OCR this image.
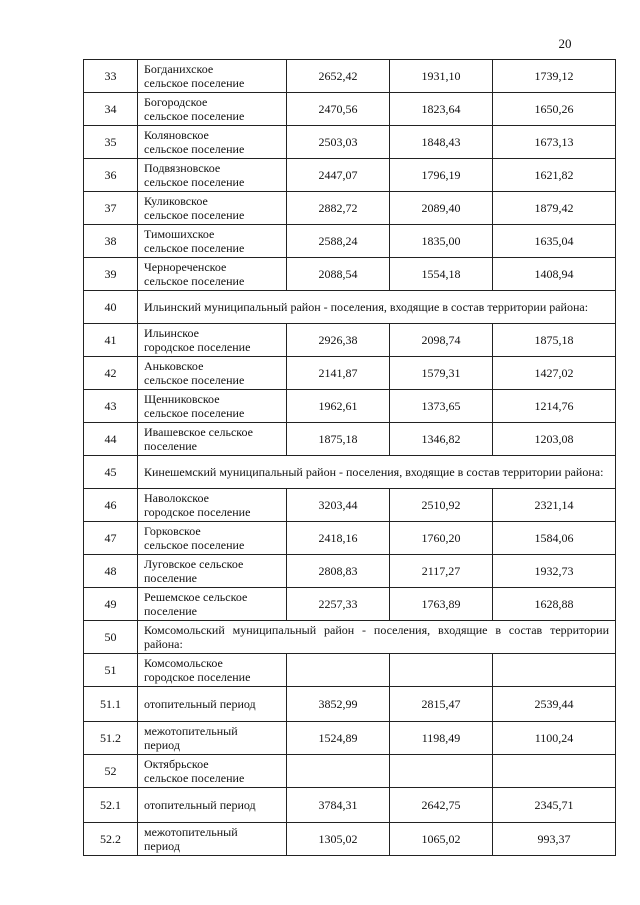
20
33	Богданихское
сельское поселение	2652,42	1931,10	1739,12
34	Богородское
сельское поселение	2470,56	1823,64	1650,26
35	Коляновское
сельское поселение	2503,03	1848,43	1673,13
36	Подвязновское
сельское поселение	2447,07	1796,19	1621,82
37	Куликовское
сельское поселение	2882,72	2089,40	1879,42
38	Тимошихское
сельское поселение	2588,24	1835,00	1635,04
39	Чернореченское
сельское поселение	2088,54	1554,18	1408,94
40	Ильинский муниципальный район - поселения, входящие в состав территории района:			
41	Ильинское
городское поселение	2926,38	2098,74	1875,18
42	Аньковское
сельское поселение	2141,87	1579,31	1427,02
43	Щенниковское
сельское поселение	1962,61	1373,65	1214,76
44	Ивашевское сельское
поселение	1875,18	1346,82	1203,08
45	Кинешемский муниципальный район - поселения, входящие в состав территории района:			
46	Наволокское
городское поселение	3203,44	2510,92	2321,14
47	Горковское
сельское поселение	2418,16	1760,20	1584,06
48	Луговское сельское
поселение	2808,83	2117,27	1932,73
49	Решемское сельское
поселение	2257,33	1763,89	1628,88
50	Комсомольский муниципальный район - поселения, входящие в состав территории района:			
51	Комсомольское
городское поселение			

51.1	отопительный период	3852,99	2815,47	2539,44
51.2	межотопительный
период	1524,89	1198,49	1100,24
52	Октябрьское
сельское поселение			

52.1	отопительный период	3784,31	2642,75	2345,71
52.2	межотопительный
период	1305,02	1065,02	993,37
